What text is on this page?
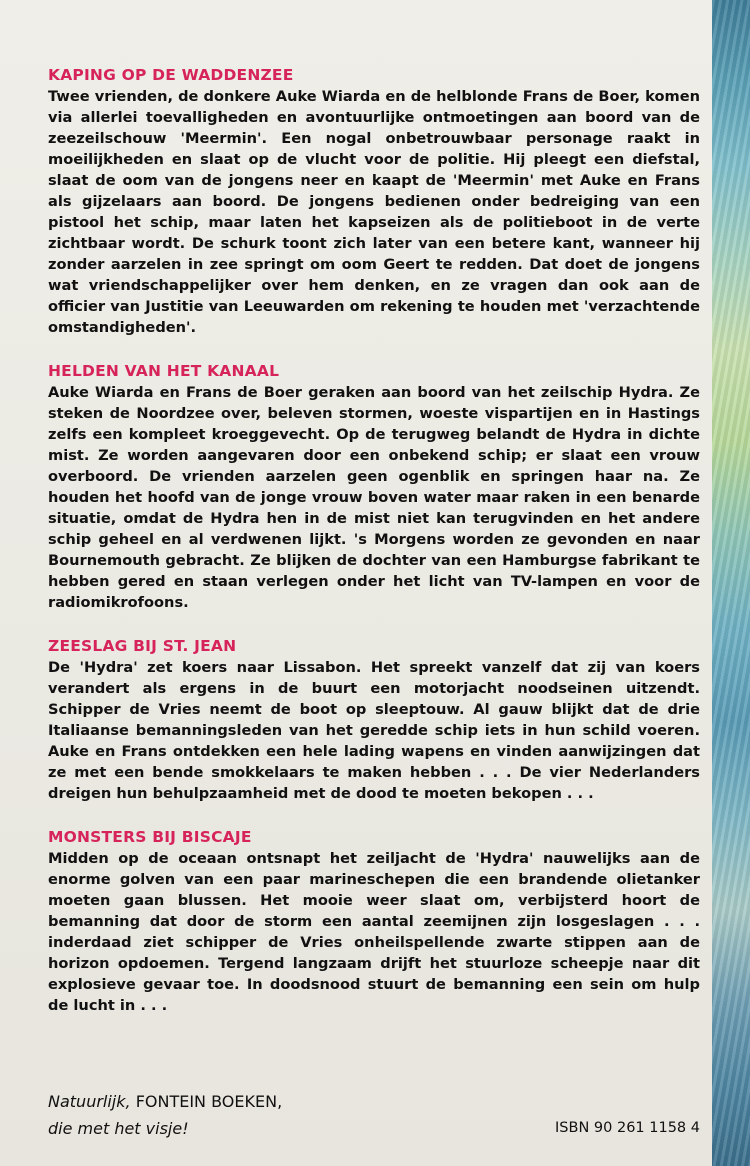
KAPING OP DE WADDENZEE

Twee vrienden, de donkere Auke Wiarda en de helblonde Frans de Boer, komen via allerlei toevalligheden en avontuurlijke ontmoetingen aan boord van de zeezeilschouw 'Meermin'. Een nogal onbetrouwbaar personage raakt in moeilijkheden en slaat op de vlucht voor de politie. Hij pleegt een diefstal, slaat de oom van de jongens neer en kaapt de 'Meermin' met Auke en Frans als gijzelaars aan boord. De jongens bedienen onder bedreiging van een pistool het schip, maar laten het kapseizen als de politieboot in de verte zichtbaar wordt. De schurk toont zich later van een betere kant, wanneer hij zonder aarzelen in zee springt om oom Geert te redden. Dat doet de jongens wat vriendschappelijker over hem denken, en ze vragen dan ook aan de officier van Justitie van Leeuwarden om rekening te houden met 'verzachtende omstandigheden'.

HELDEN VAN HET KANAAL

Auke Wiarda en Frans de Boer geraken aan boord van het zeilschip Hydra. Ze steken de Noordzee over, beleven stormen, woeste vispartijen en in Hastings zelfs een kompleet kroeggevecht. Op de terugweg belandt de Hydra in dichte mist. Ze worden aangevaren door een onbekend schip; er slaat een vrouw overboord. De vrienden aarzelen geen ogenblik en springen haar na. Ze houden het hoofd van de jonge vrouw boven water maar raken in een benarde situatie, omdat de Hydra hen in de mist niet kan terugvinden en het andere schip geheel en al verdwenen lijkt. 's Morgens worden ze gevonden en naar Bournemouth gebracht. Ze blijken de dochter van een Hamburgse fabrikant te hebben gered en staan verlegen onder het licht van TV-lampen en voor de radiomikrofoons.

ZEESLAG BIJ ST. JEAN

De 'Hydra' zet koers naar Lissabon. Het spreekt vanzelf dat zij van koers verandert als ergens in de buurt een motorjacht noodseinen uitzendt. Schipper de Vries neemt de boot op sleeptouw. Al gauw blijkt dat de drie Italiaanse bemanningsleden van het geredde schip iets in hun schild voeren. Auke en Frans ontdekken een hele lading wapens en vinden aanwijzingen dat ze met een bende smokkelaars te maken hebben . . . De vier Nederlanders dreigen hun behulpzaamheid met de dood te moeten bekopen . . .

MONSTERS BIJ BISCAJE

Midden op de oceaan ontsnapt het zeiljacht de 'Hydra' nauwelijks aan de enorme golven van een paar marineschepen die een brandende olietanker moeten gaan blussen. Het mooie weer slaat om, verbijsterd hoort de bemanning dat door de storm een aantal zeemijnen zijn losgeslagen . . . inderdaad ziet schipper de Vries onheilspellende zwarte stippen aan de horizon opdoemen. Tergend langzaam drijft het stuurloze scheepje naar dit explosieve gevaar toe. In doodsnood stuurt de bemanning een sein om hulp de lucht in . . .

Natuurlijk, FONTEIN BOEKEN,
die met het visje!	ISBN 90 261 1158 4
